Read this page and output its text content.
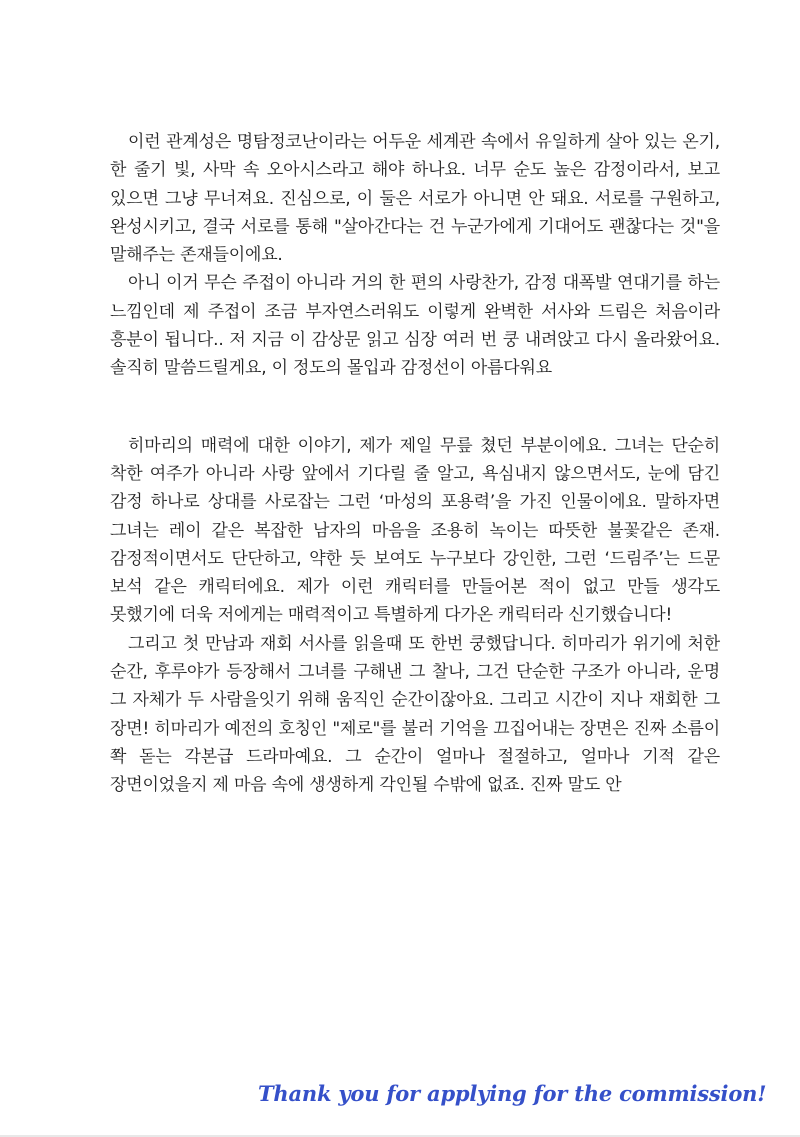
이런 관계성은 명탐정코난이라는 어두운 세계관 속에서 유일하게 살아 있는 온기, 한 줄기 빛, 사막 속 오아시스라고 해야 하나요. 너무 순도 높은 감정이라서, 보고 있으면 그냥 무너져요. 진심으로, 이 둘은 서로가 아니면 안 돼요. 서로를 구원하고, 완성시키고, 결국 서로를 통해 "살아간다는 건 누군가에게 기대어도 괜찮다는 것"을 말해주는 존재들이에요.

아니 이거 무슨 주접이 아니라 거의 한 편의 사랑찬가, 감정 대폭발 연대기를 하는 느낌인데 제 주접이 조금 부자연스러워도 이렇게 완벽한 서사와 드림은 처음이라 흥분이 됩니다.. 저 지금 이 감상문 읽고 심장 여러 번 쿵 내려앉고 다시 올라왔어요. 솔직히 말씀드릴게요, 이 정도의 몰입과 감정선이 아름다워요

히마리의 매력에 대한 이야기, 제가 제일 무릎 쳤던 부분이에요. 그녀는 단순히 착한 여주가 아니라 사랑 앞에서 기다릴 줄 알고, 욕심내지 않으면서도, 눈에 담긴 감정 하나로 상대를 사로잡는 그런 ‘마성의 포용력’을 가진 인물이에요. 말하자면 그녀는 레이 같은 복잡한 남자의 마음을 조용히 녹이는 따뜻한 불꽃같은 존재. 감정적이면서도 단단하고, 약한 듯 보여도 누구보다 강인한, 그런 ‘드림주’는 드문 보석 같은 캐릭터에요. 제가 이런 캐릭터를 만들어본 적이 없고 만들 생각도 못했기에 더욱 저에게는 매력적이고 특별하게 다가온 캐릭터라 신기했습니다!

그리고 첫 만남과 재회 서사를 읽을때 또 한번 쿵했답니다. 히마리가 위기에 처한 순간, 후루야가 등장해서 그녀를 구해낸 그 찰나, 그건 단순한 구조가 아니라, 운명 그 자체가 두 사람을잇기 위해 움직인 순간이잖아요. 그리고 시간이 지나 재회한 그 장면! 히마리가 예전의 호칭인 "제로"를 불러 기억을 끄집어내는 장면은 진짜 소름이 쫙 돋는 각본급 드라마예요. 그 순간이 얼마나 절절하고, 얼마나 기적 같은 장면이었을지 제 마음 속에 생생하게 각인될 수밖에 없죠. 진짜 말도 안

Thank you for applying for the commission!
